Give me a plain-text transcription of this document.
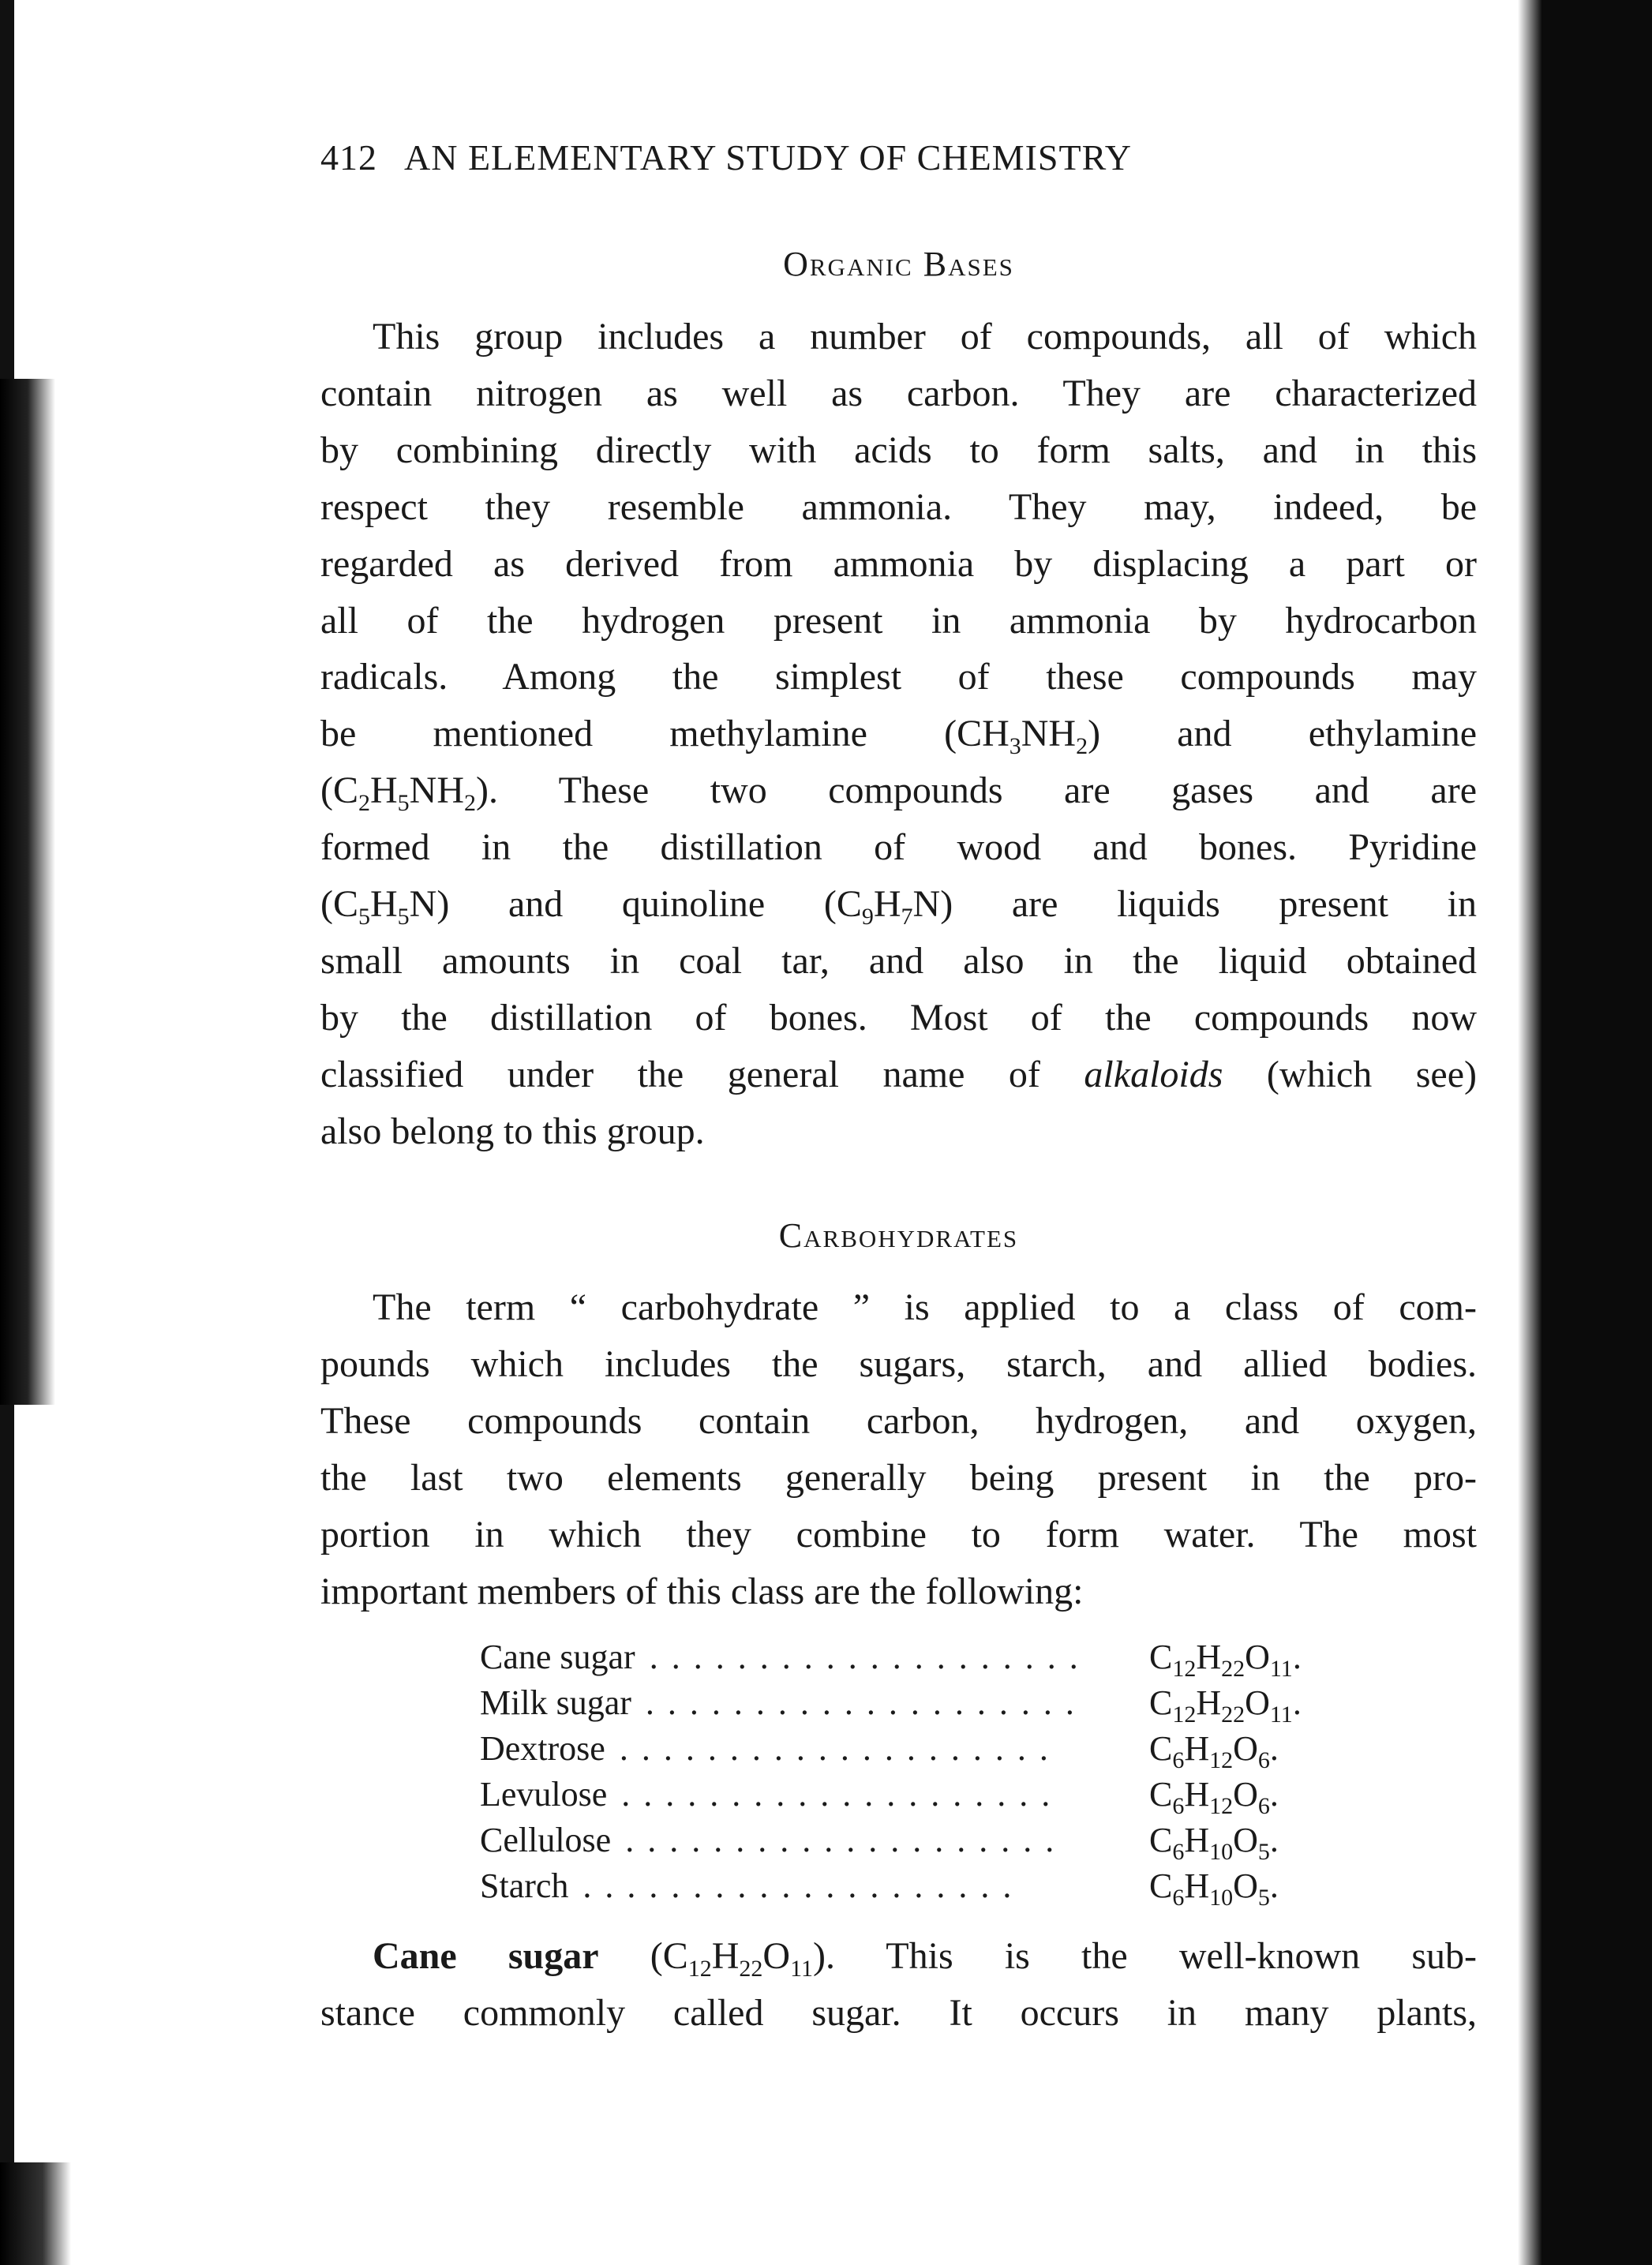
412 AN ELEMENTARY STUDY OF CHEMISTRY
Organic Bases
This group includes a number of compounds, all of which
contain nitrogen as well as carbon. They are characterized
by combining directly with acids to form salts, and in this
respect they resemble ammonia. They may, indeed, be
regarded as derived from ammonia by displacing a part or
all of the hydrogen present in ammonia by hydrocarbon
radicals. Among the simplest of these compounds may
be mentioned methylamine $(CH_3NH_2)$ and ethylamine
$(C_2H_5NH_2)$. These two compounds are gases and are
formed in the distillation of wood and bones. Pyridine
$(C_5H_5N)$ and quinoline $(C_9H_7N)$ are liquids present in
small amounts in coal tar, and also in the liquid obtained
by the distillation of bones. Most of the compounds now
classified under the general name of alkaloids (which see)
also belong to this group.
Carbohydrates
The term “ carbohydrate ” is applied to a class of com-
pounds which includes the sugars, starch, and allied bodies.
These compounds contain carbon, hydrogen, and oxygen,
the last two elements generally being present in the pro-
portion in which they combine to form water. The most
important members of this class are the following:
Cane sugar . . . . . . . . . . . . . . . . . . . . $C_{12}H_{22}O_{11}$.
Milk sugar . . . . . . . . . . . . . . . . . . . . $C_{12}H_{22}O_{11}$.
Dextrose . . . . . . . . . . . . . . . . . . . .	$C_6H_{12}O_6$.
Levulose . . . . . . . . . . . . . . . . . . . .	$C_6H_{12}O_6$.
Cellulose . . . . . . . . . . . . . . . . . . . .	$C_6H_{10}O_5$.
Starch . . . . . . . . . . . . . . . . . . . .	$C_6H_{10}O_5$.
Cane sugar $(C_{12}H_{22}O_{11})$. This is the well-known sub-
stance commonly called sugar. It occurs in many plants,
